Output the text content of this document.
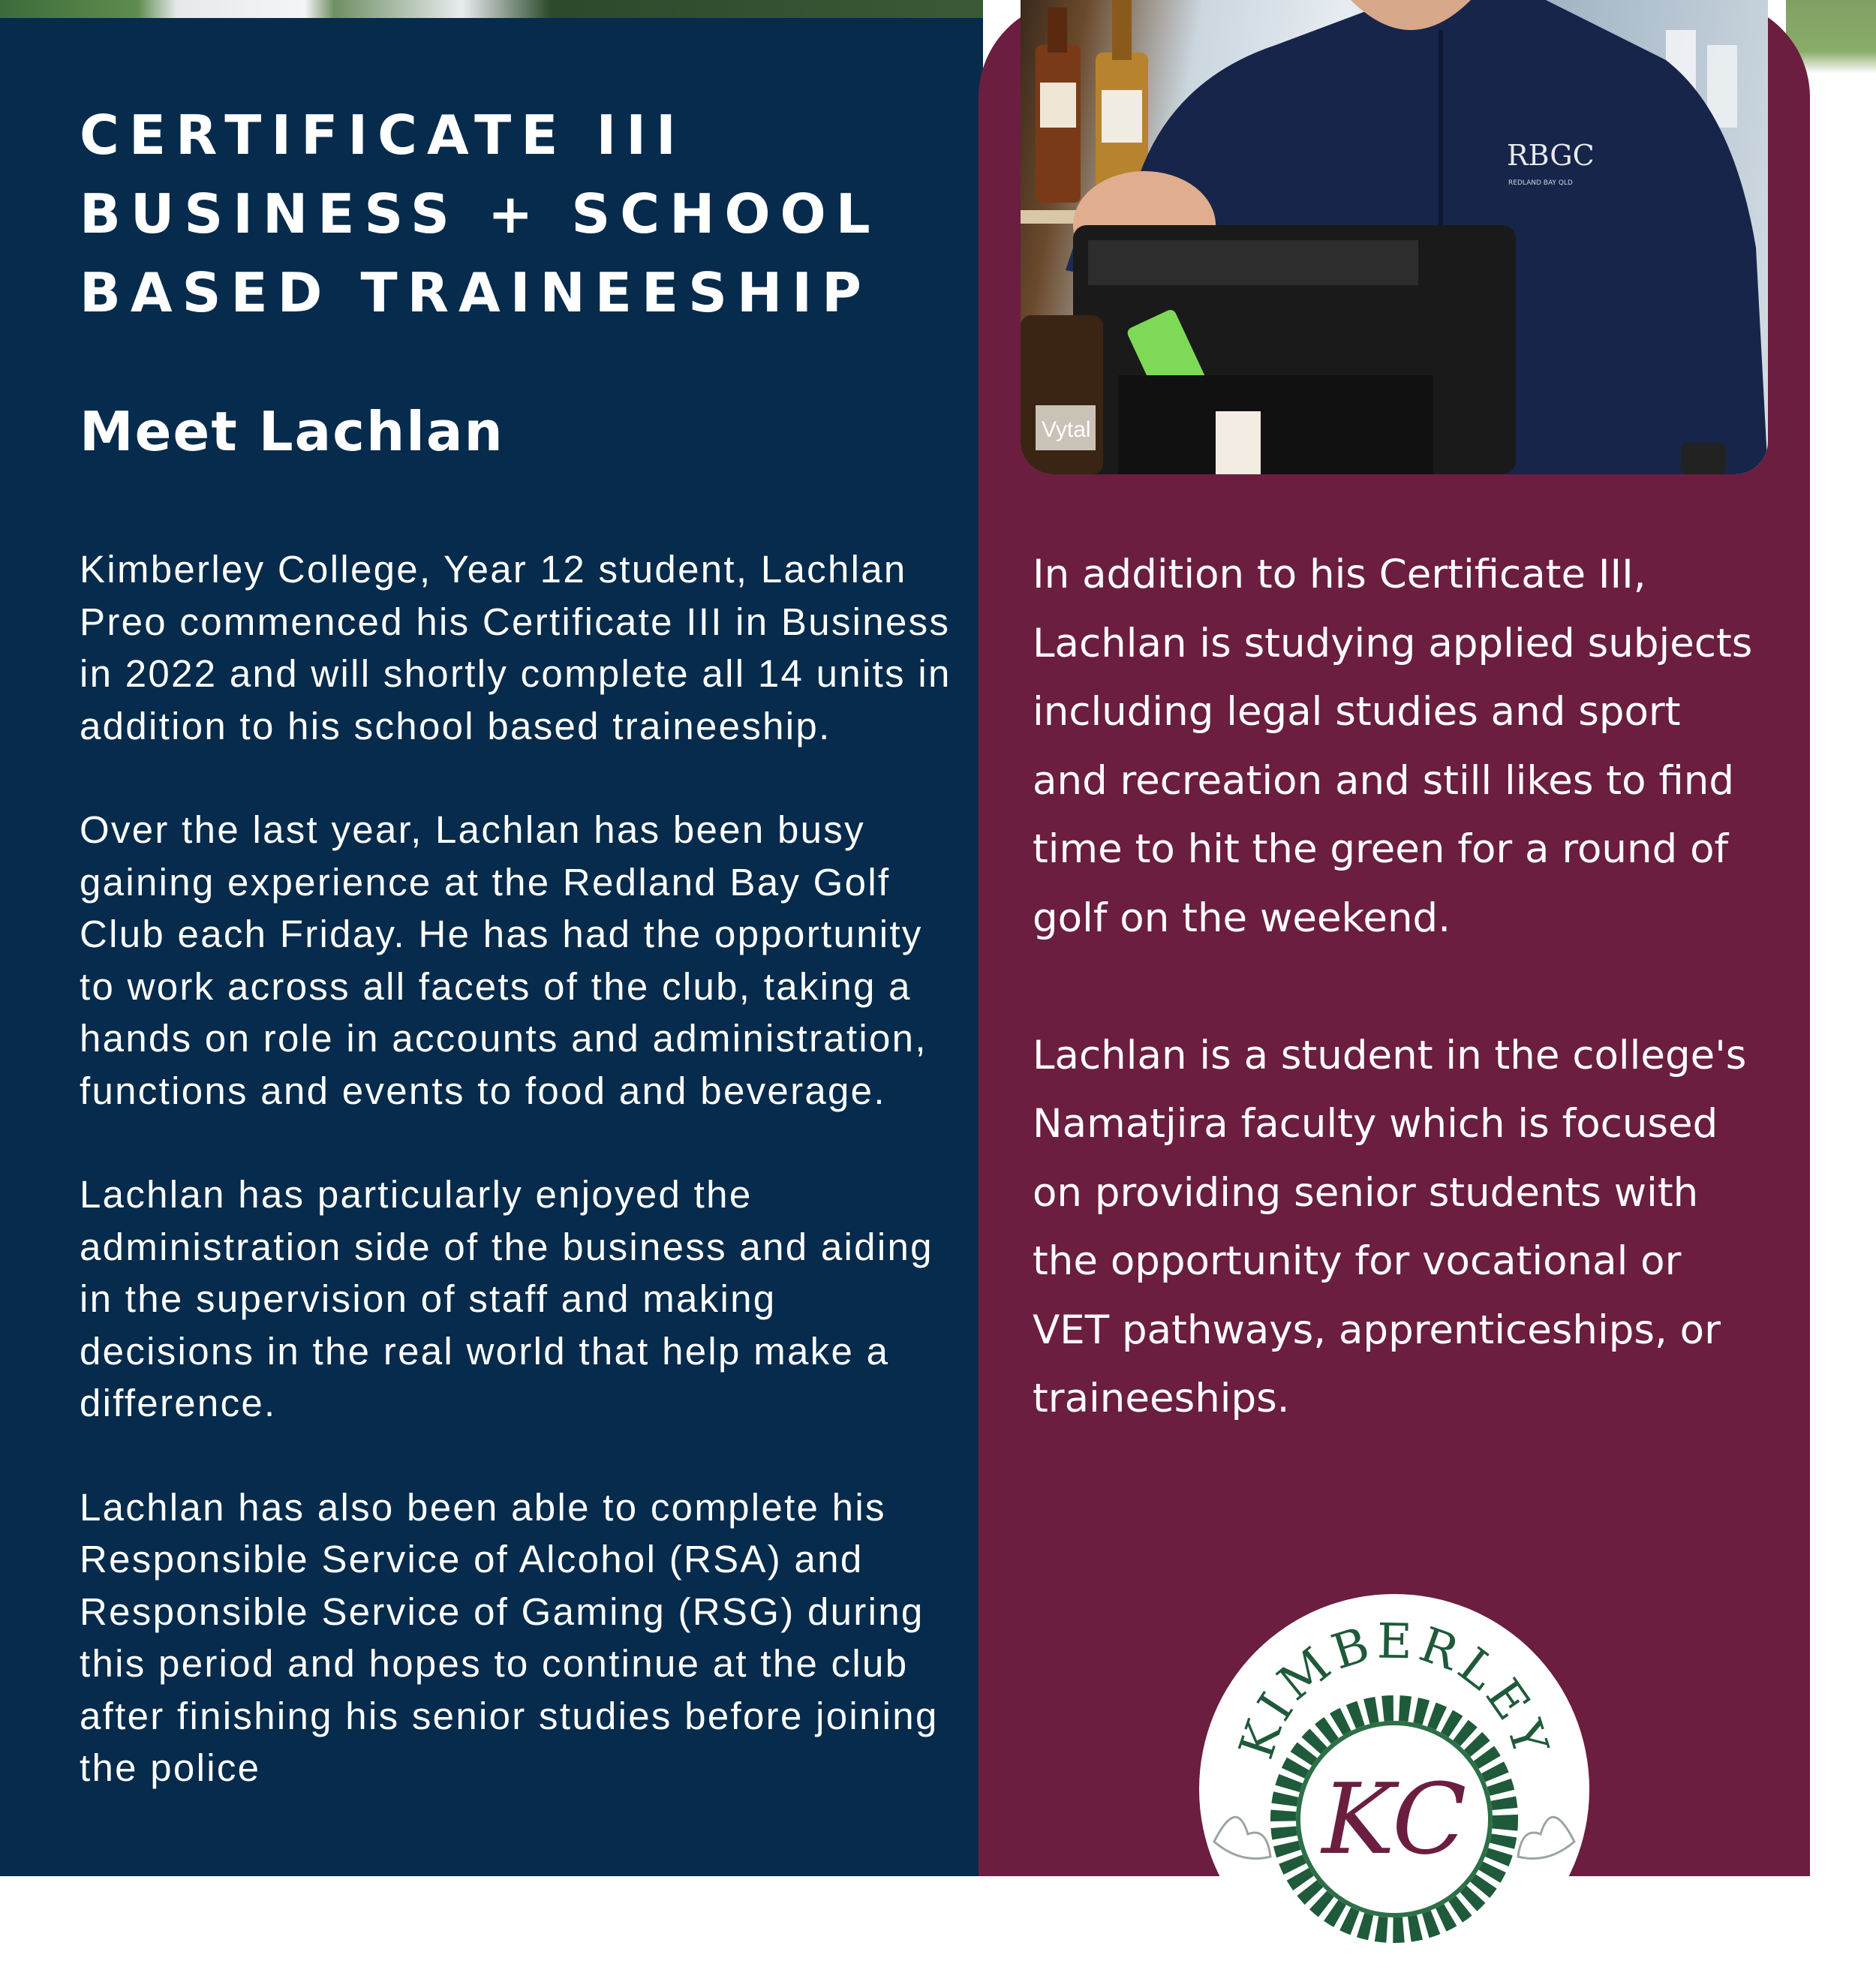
CERTIFICATE III
BUSINESS + SCHOOL
BASED TRAINEESHIP
Meet Lachlan

Kimberley College, Year 12 student, Lachlan Preo commenced his Certificate III in Business in 2022 and will shortly complete all 14 units in addition to his school based traineeship.

Over the last year, Lachlan has been busy gaining experience at the Redland Bay Golf Club each Friday. He has had the opportunity to work across all facets of the club, taking a hands on role in accounts and administration, functions and events to food and beverage.

Lachlan has particularly enjoyed the administration side of the business and aiding in the supervision of staff and making decisions in the real world that help make a difference.

Lachlan has also been able to complete his Responsible Service of Alcohol (RSA) and Responsible Service of Gaming (RSG) during this period and hopes to continue at the club after finishing his senior studies before joining the police

Vytal
RBGC
REDLAND BAY QLD

In addition to his Certificate III, Lachlan is studying applied subjects including legal studies and sport and recreation and still likes to find time to hit the green for a round of golf on the weekend.

Lachlan is a student in the college's Namatjira faculty which is focused on providing senior students with the opportunity for vocational or VET pathways, apprenticeships, or traineeships.

KIMBERLEY
KC
